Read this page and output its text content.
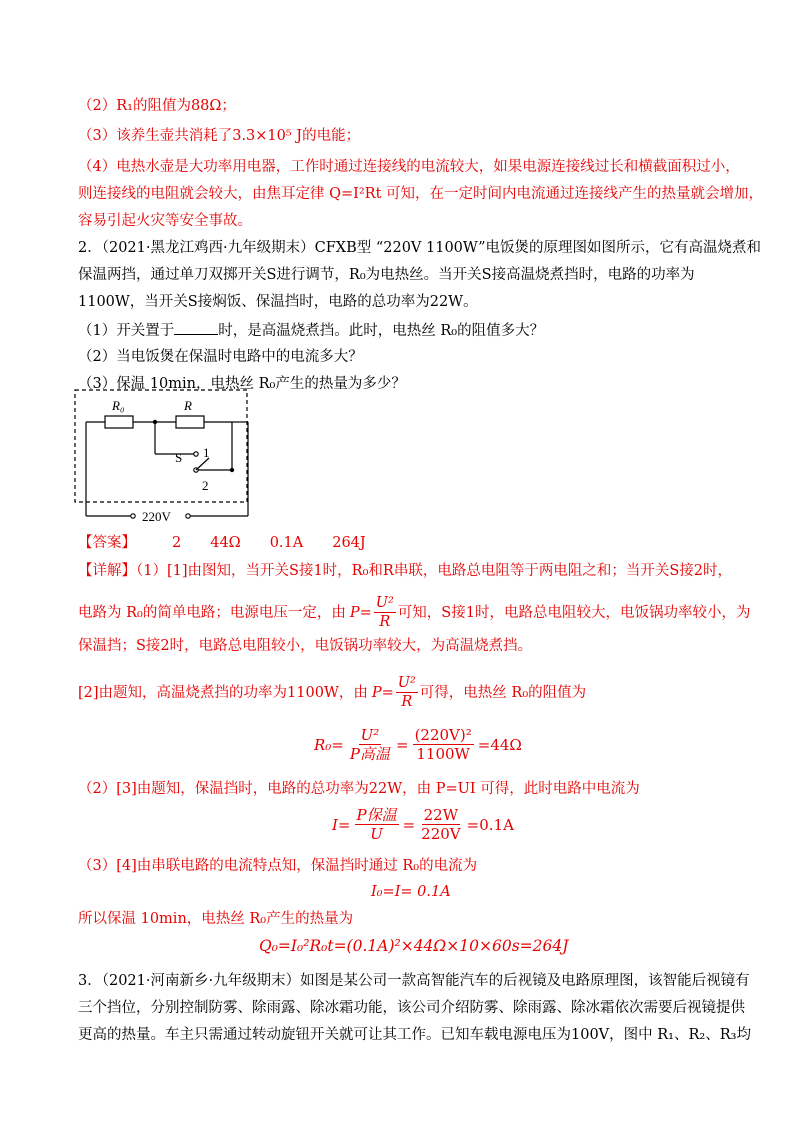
（2）R₁的阻值为88Ω；
（3）该养生壶共消耗了3.3×10⁵ J的电能；
（4）电热水壶是大功率用电器，工作时通过连接线的电流较大，如果电源连接线过长和横截面积过小，
则连接线的电阻就会较大，由焦耳定律 Q=I²Rt 可知，在一定时间内电流通过连接线产生的热量就会增加，
容易引起火灾等安全事故。
2．（2021·黑龙江鸡西·九年级期末）CFXB型 “220V 1100W”电饭煲的原理图如图所示，它有高温烧煮和
保温两挡，通过单刀双掷开关S进行调节，R₀为电热丝。当开关S接高温烧煮挡时，电路的功率为
1100W，当开关S接焖饭、保温挡时，电路的总功率为22W。
（1）开关置于	时，是高温烧煮挡。此时，电热丝 R₀的阻值多大？
（2）当电饭煲在保温时电路中的电流多大？
（3）保温 10min，电热丝 R₀产生的热量为多少？
R₀	R
S 1
2
220V
【答案】 2　　44Ω　　0.1A　　264J
【详解】（1）[1]由图知，当开关S接1时，R₀和R串联，电路总电阻等于两电阻之和；当开关S接2时，
电路为 R₀的简单电路；电源电压一定，由 $P= \frac{\text{U²}}{R}$ 可知，S接1时，电路总电阻较大，电饭锅功率较小，为
保温挡；S接2时，电路总电阻较小，电饭锅功率较大，为高温烧煮挡。
[2]由题知，高温烧煮挡的功率为1100W，由 $P= \frac{\text{U²}}{R}$ 可得，电热丝 R₀的阻值为
$R_0= \frac{\text{U²}}{\text{P高温}} = \frac{\text{(220V)²}}{1100W} =44\Omega$
（2）[3]由题知，保温挡时，电路的总功率为22W，由 P=UI 可得，此时电路中电流为
$I= \frac{\text{P保温}}{U} = \frac{22W}{220V} =0.1A$
（3）[4]由串联电路的电流特点知，保温挡时通过 R₀的电流为
I₀=I= 0.1A
所以保温 10min，电热丝 R₀产生的热量为
Q₀=I₀²R₀t=(0.1A)²×44Ω×10×60s=264J
3．（2021·河南新乡·九年级期末）如图是某公司一款高智能汽车的后视镜及电路原理图，该智能后视镜有
三个挡位，分别控制防雾、除雨露、除冰霜功能，该公司介绍防雾、除雨露、除冰霜依次需要后视镜提供
更高的热量。车主只需通过转动旋钮开关就可让其工作。已知车载电源电压为100V，图中 R₁、R₂、R₃均
